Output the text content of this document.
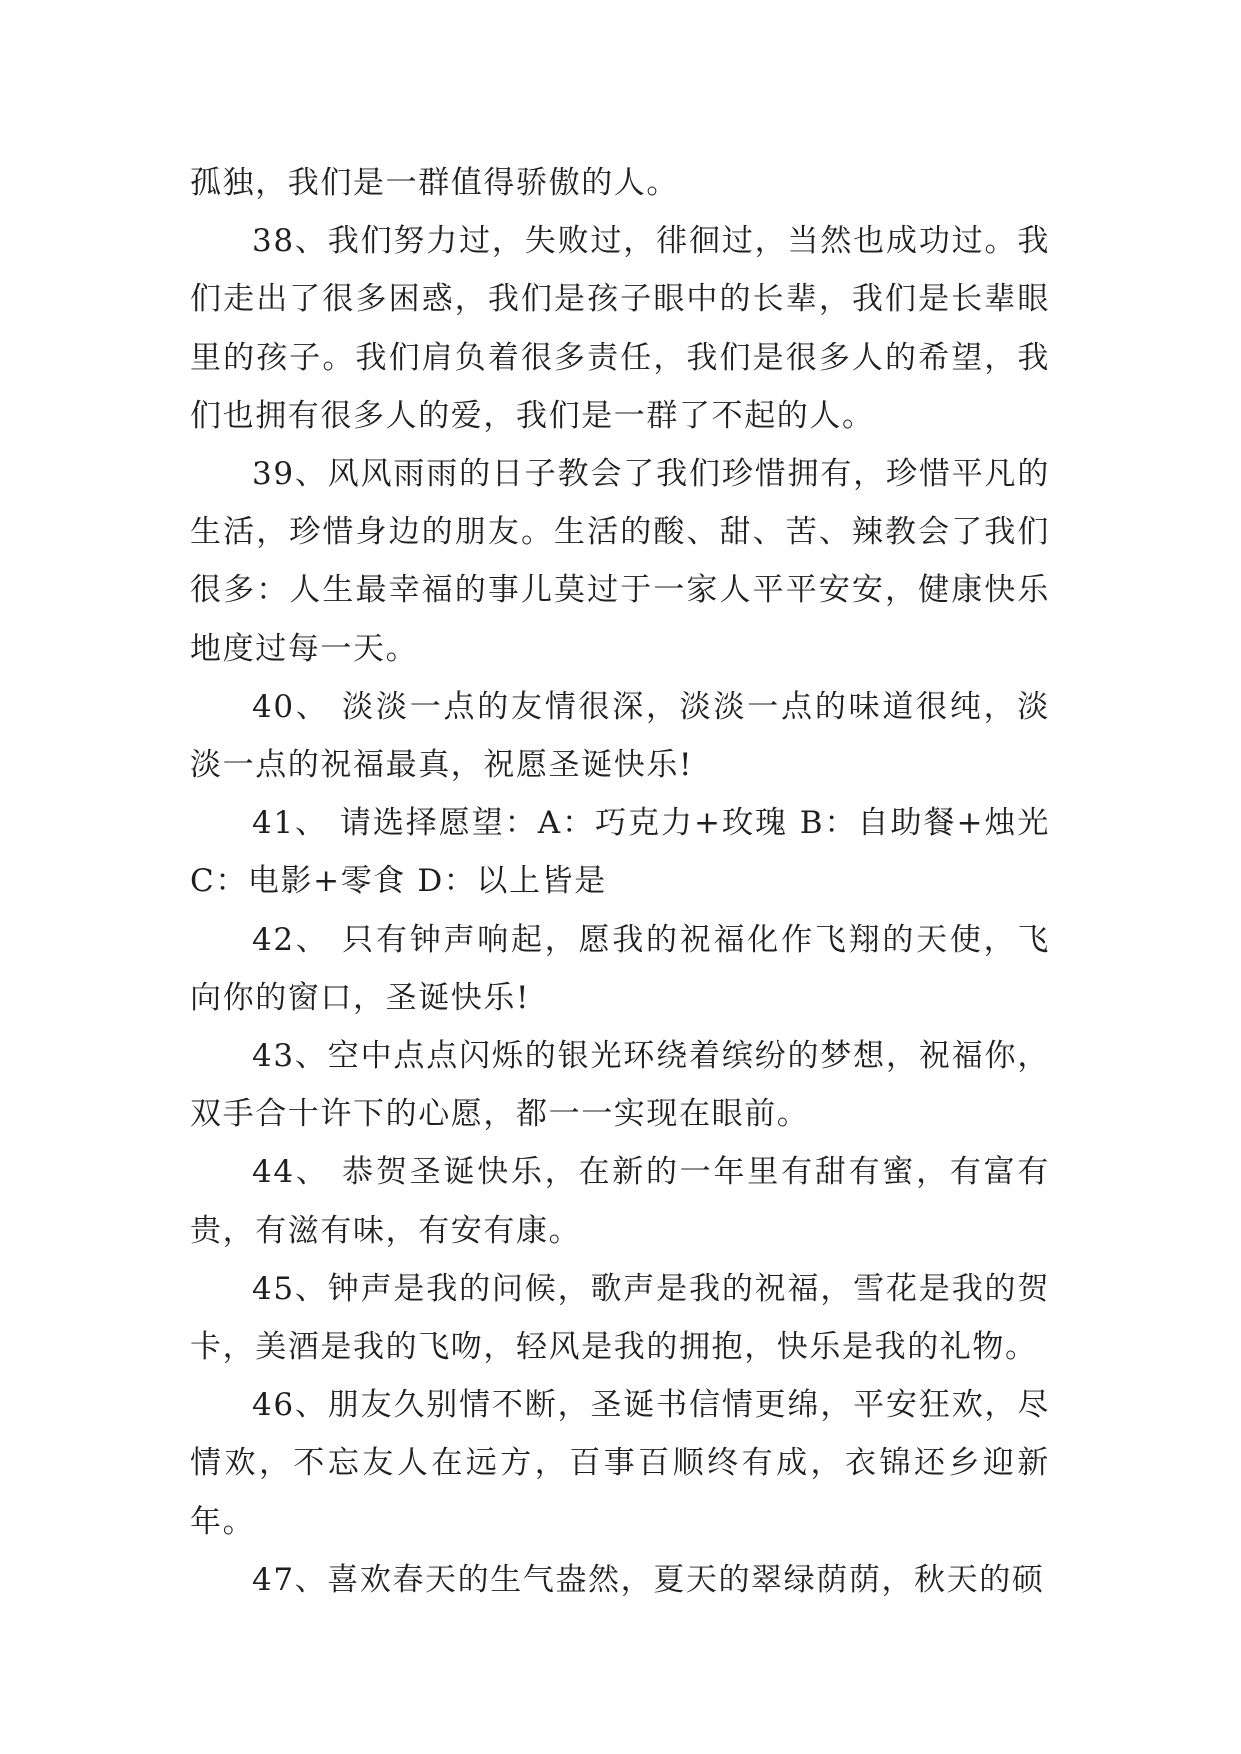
孤独，我们是一群值得骄傲的人。

38、我们努力过，失败过，徘徊过，当然也成功过。我们走出了很多困惑，我们是孩子眼中的长辈，我们是长辈眼里的孩子。我们肩负着很多责任，我们是很多人的希望，我们也拥有很多人的爱，我们是一群了不起的人。

39、风风雨雨的日子教会了我们珍惜拥有，珍惜平凡的生活，珍惜身边的朋友。生活的酸、甜、苦、辣教会了我们很多：人生最幸福的事儿莫过于一家人平平安安，健康快乐地度过每一天。

40、 淡淡一点的友情很深，淡淡一点的味道很纯，淡淡一点的祝福最真，祝愿圣诞快乐!

41、 请选择愿望：A：巧克力+玫瑰 B：自助餐+烛光 C：电影+零食 D：以上皆是

42、 只有钟声响起，愿我的祝福化作飞翔的天使，飞向你的窗口，圣诞快乐!

43、空中点点闪烁的银光环绕着缤纷的梦想，祝福你，双手合十许下的心愿，都一一实现在眼前。

44、 恭贺圣诞快乐，在新的一年里有甜有蜜，有富有贵，有滋有味，有安有康。

45、钟声是我的问候，歌声是我的祝福，雪花是我的贺卡，美酒是我的飞吻，轻风是我的拥抱，快乐是我的礼物。

46、朋友久别情不断，圣诞书信情更绵，平安狂欢，尽情欢，不忘友人在远方，百事百顺终有成，衣锦还乡迎新年。

47、喜欢春天的生气盎然，夏天的翠绿荫荫，秋天的硕
